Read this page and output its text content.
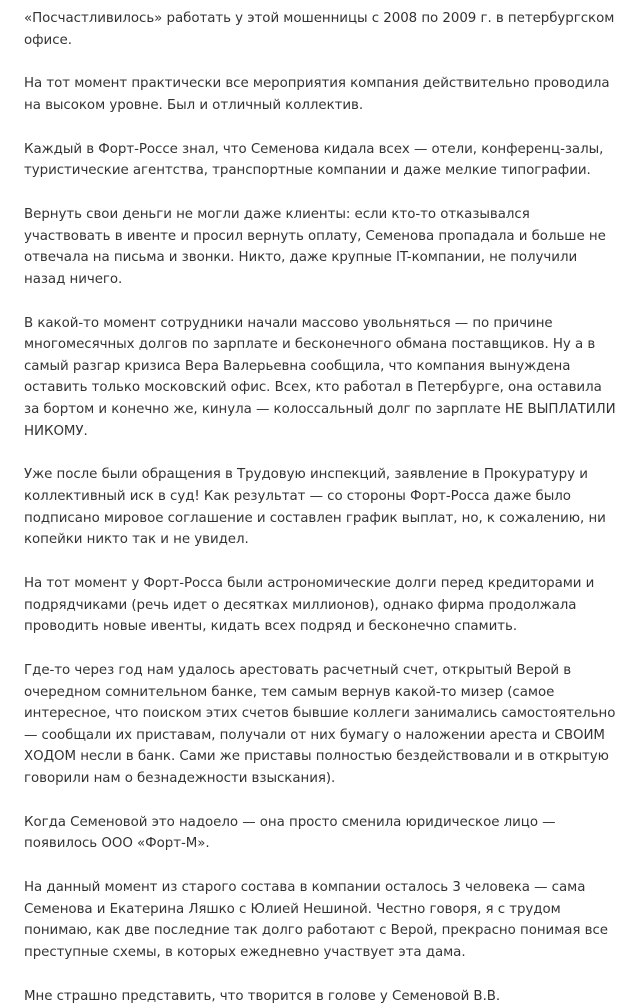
«Посчастливилось» работать у этой мошенницы с 2008 по 2009 г. в петербургском офисе.

На тот момент практически все мероприятия компания действительно проводила на высоком уровне. Был и отличный коллектив.

Каждый в Форт-Россе знал, что Семенова кидала всех — отели, конференц-залы, туристические агентства, транспортные компании и даже мелкие типографии.

Вернуть свои деньги не могли даже клиенты: если кто-то отказывался участвовать в ивенте и просил вернуть оплату, Семенова пропадала и больше не отвечала на письма и звонки. Никто, даже крупные IT-компании, не получили назад ничего.

В какой-то момент сотрудники начали массово увольняться — по причине многомесячных долгов по зарплате и бесконечного обмана поставщиков. Ну а в самый разгар кризиса Вера Валерьевна сообщила, что компания вынуждена оставить только московский офис. Всех, кто работал в Петербурге, она оставила за бортом и конечно же, кинула — колоссальный долг по зарплате НЕ ВЫПЛАТИЛИ НИКОМУ.

Уже после были обращения в Трудовую инспекций, заявление в Прокуратуру и коллективный иск в суд! Как результат — со стороны Форт-Росса даже было подписано мировое соглашение и составлен график выплат, но, к сожалению, ни копейки никто так и не увидел.

На тот момент у Форт-Росса были астрономические долги перед кредиторами и подрядчиками (речь идет о десятках миллионов), однако фирма продолжала проводить новые ивенты, кидать всех подряд и бесконечно спамить.

Где-то через год нам удалось арестовать расчетный счет, открытый Верой в очередном сомнительном банке, тем самым вернув какой-то мизер (самое интересное, что поиском этих счетов бывшие коллеги занимались самостоятельно — сообщали их приставам, получали от них бумагу о наложении ареста и СВОИМ ХОДОМ несли в банк. Сами же приставы полностью бездействовали и в открытую говорили нам о безнадежности взыскания).

Когда Семеновой это надоело — она просто сменила юридическое лицо — появилось ООО «Форт-М».

На данный момент из старого состава в компании осталось 3 человека — сама Семенова и Екатерина Ляшко с Юлией Нешиной. Честно говоря, я с трудом понимаю, как две последние так долго работают с Верой, прекрасно понимая все преступные схемы, в которых ежедневно участвует эта дама.

Мне страшно представить, что творится в голове у Семеновой В.В.
